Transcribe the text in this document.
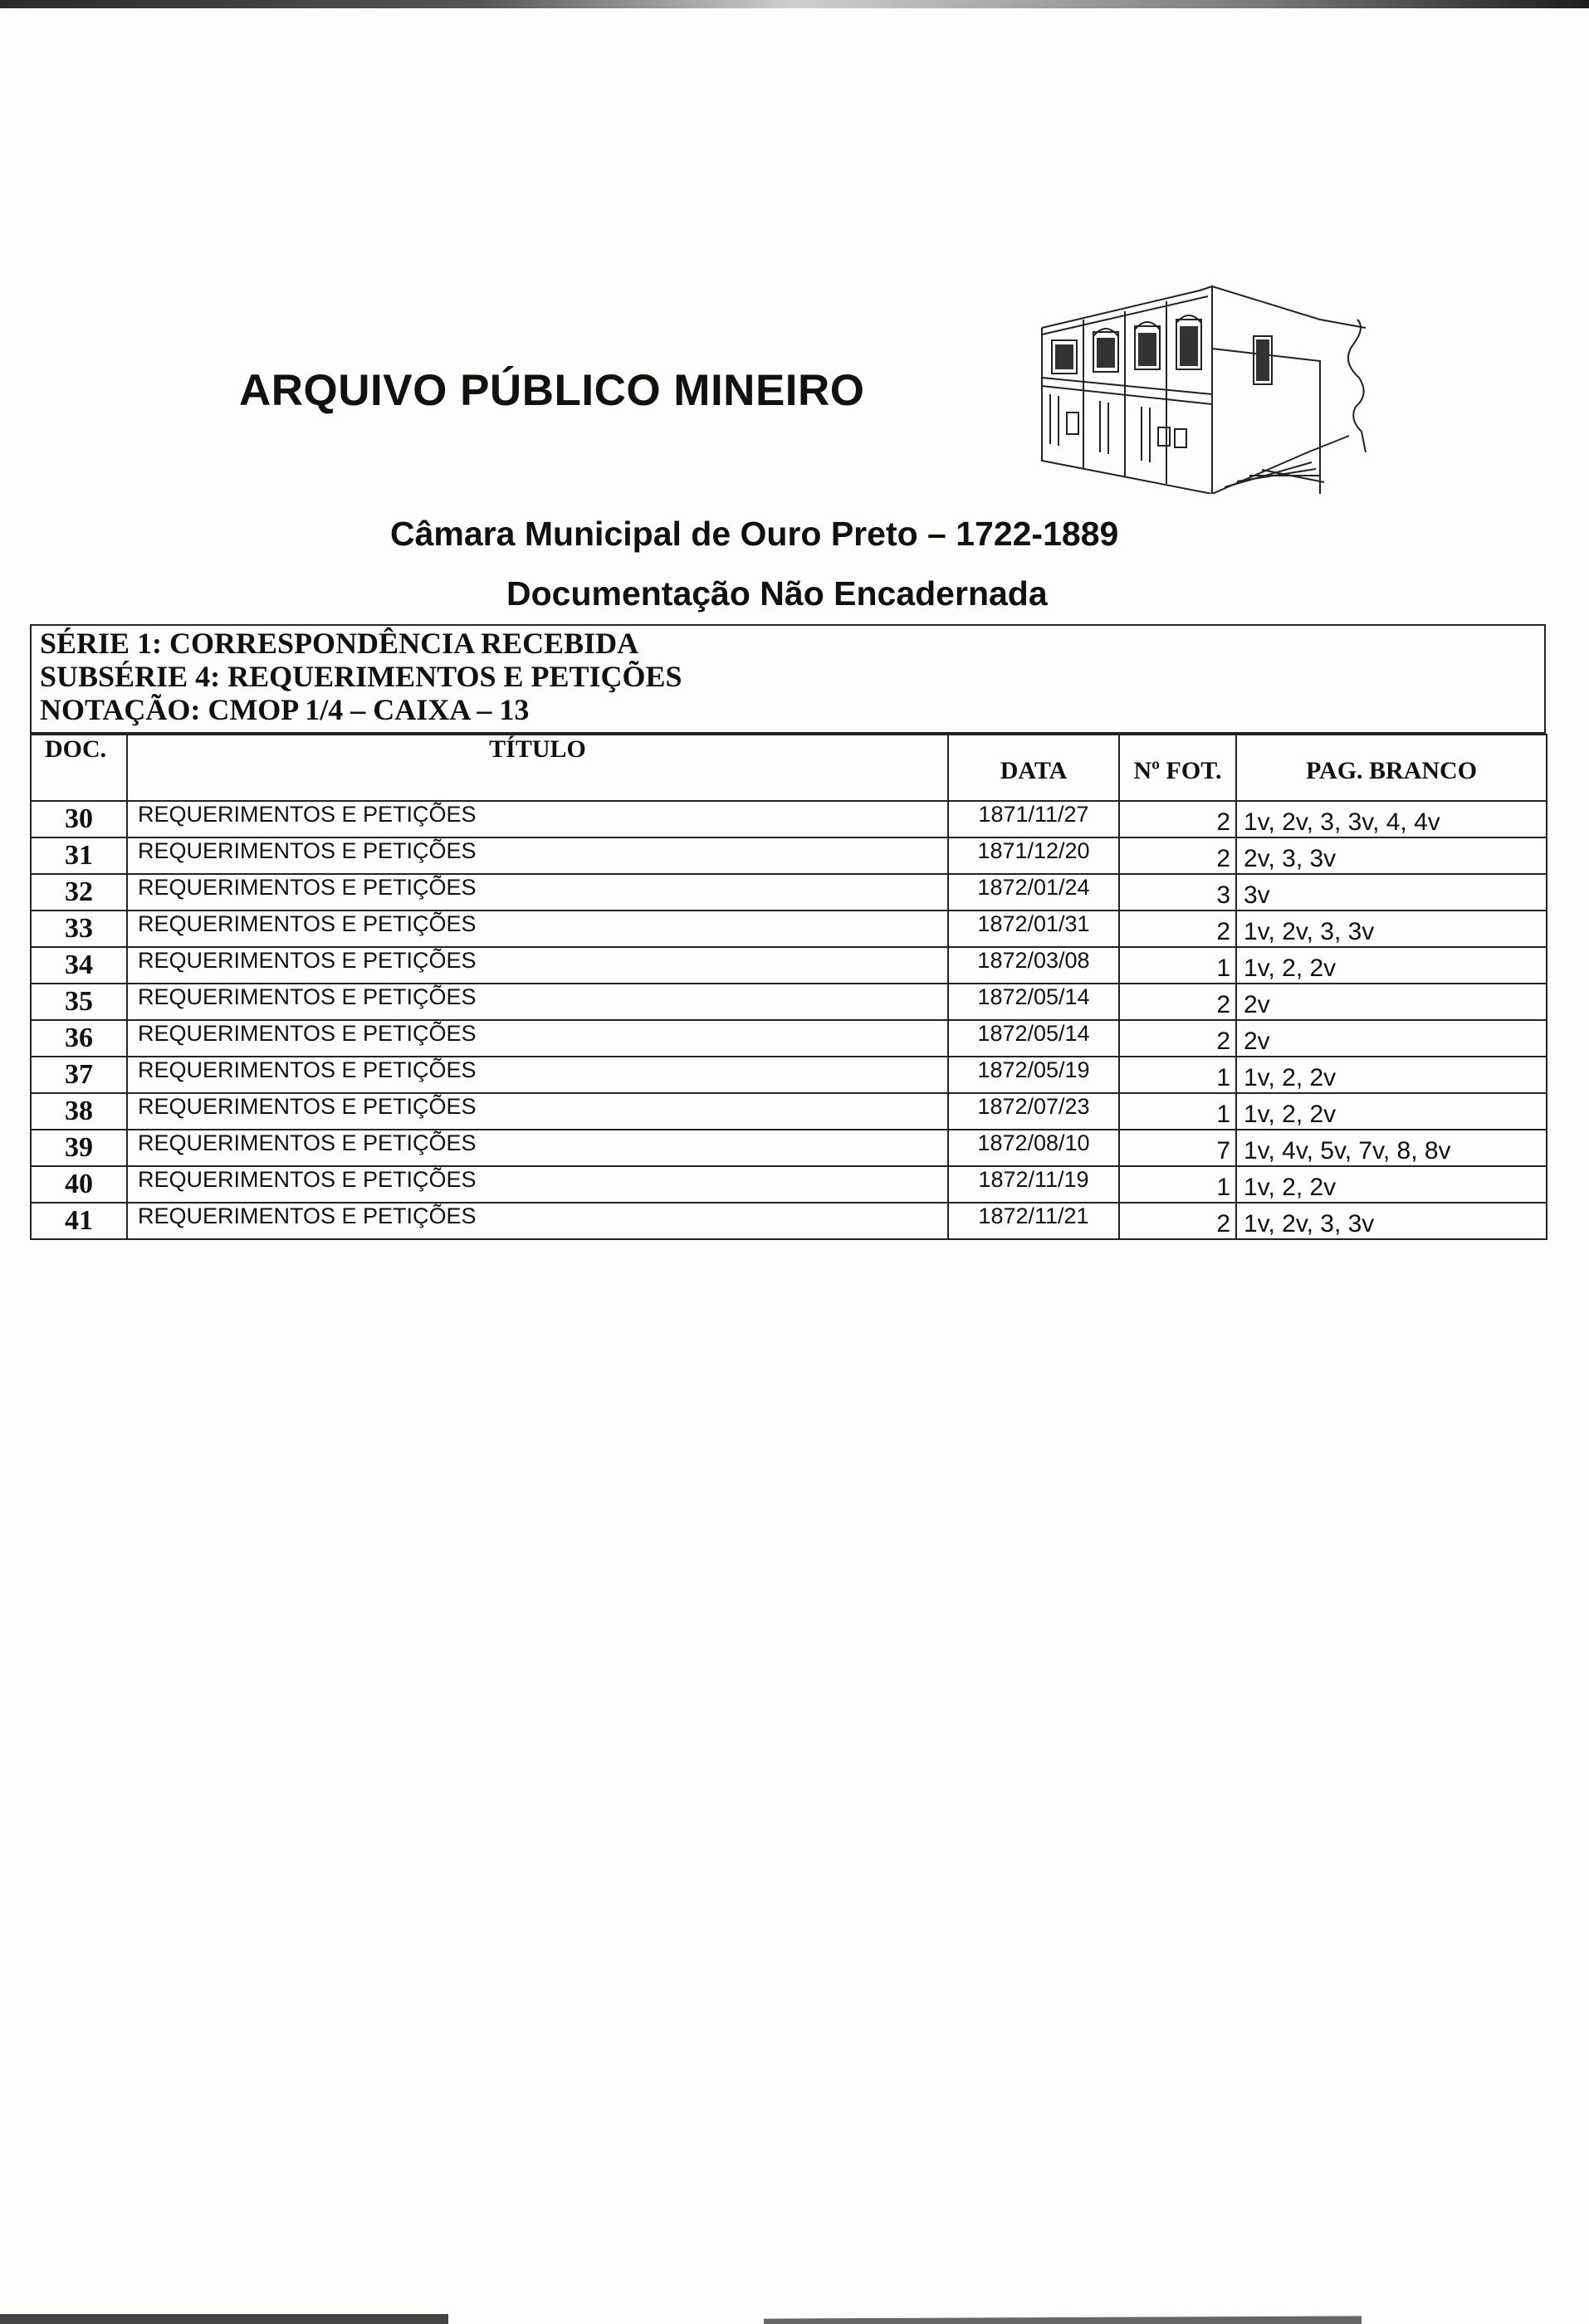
ARQUIVO PÚBLICO MINEIRO
Câmara Municipal de Ouro Preto – 1722-1889
Documentação Não Encadernada
SÉRIE 1: CORRESPONDÊNCIA RECEBIDA
SUBSÉRIE 4: REQUERIMENTOS E PETIÇÕES
NOTAÇÃO: CMOP 1/4 – CAIXA – 13
DOC.	TÍTULO	DATA	Nº FOT.	PAG. BRANCO
30	REQUERIMENTOS E PETIÇÕES	1871/11/27	2	1v, 2v, 3, 3v, 4, 4v
31	REQUERIMENTOS E PETIÇÕES	1871/12/20	2	2v, 3, 3v
32	REQUERIMENTOS E PETIÇÕES	1872/01/24	3	3v
33	REQUERIMENTOS E PETIÇÕES	1872/01/31	2	1v, 2v, 3, 3v
34	REQUERIMENTOS E PETIÇÕES	1872/03/08	1	1v, 2, 2v
35	REQUERIMENTOS E PETIÇÕES	1872/05/14	2	2v
36	REQUERIMENTOS E PETIÇÕES	1872/05/14	2	2v
37	REQUERIMENTOS E PETIÇÕES	1872/05/19	1	1v, 2, 2v
38	REQUERIMENTOS E PETIÇÕES	1872/07/23	1	1v, 2, 2v
39	REQUERIMENTOS E PETIÇÕES	1872/08/10	7	1v, 4v, 5v, 7v, 8, 8v
40	REQUERIMENTOS E PETIÇÕES	1872/11/19	1	1v, 2, 2v
41	REQUERIMENTOS E PETIÇÕES	1872/11/21	2	1v, 2v, 3, 3v
